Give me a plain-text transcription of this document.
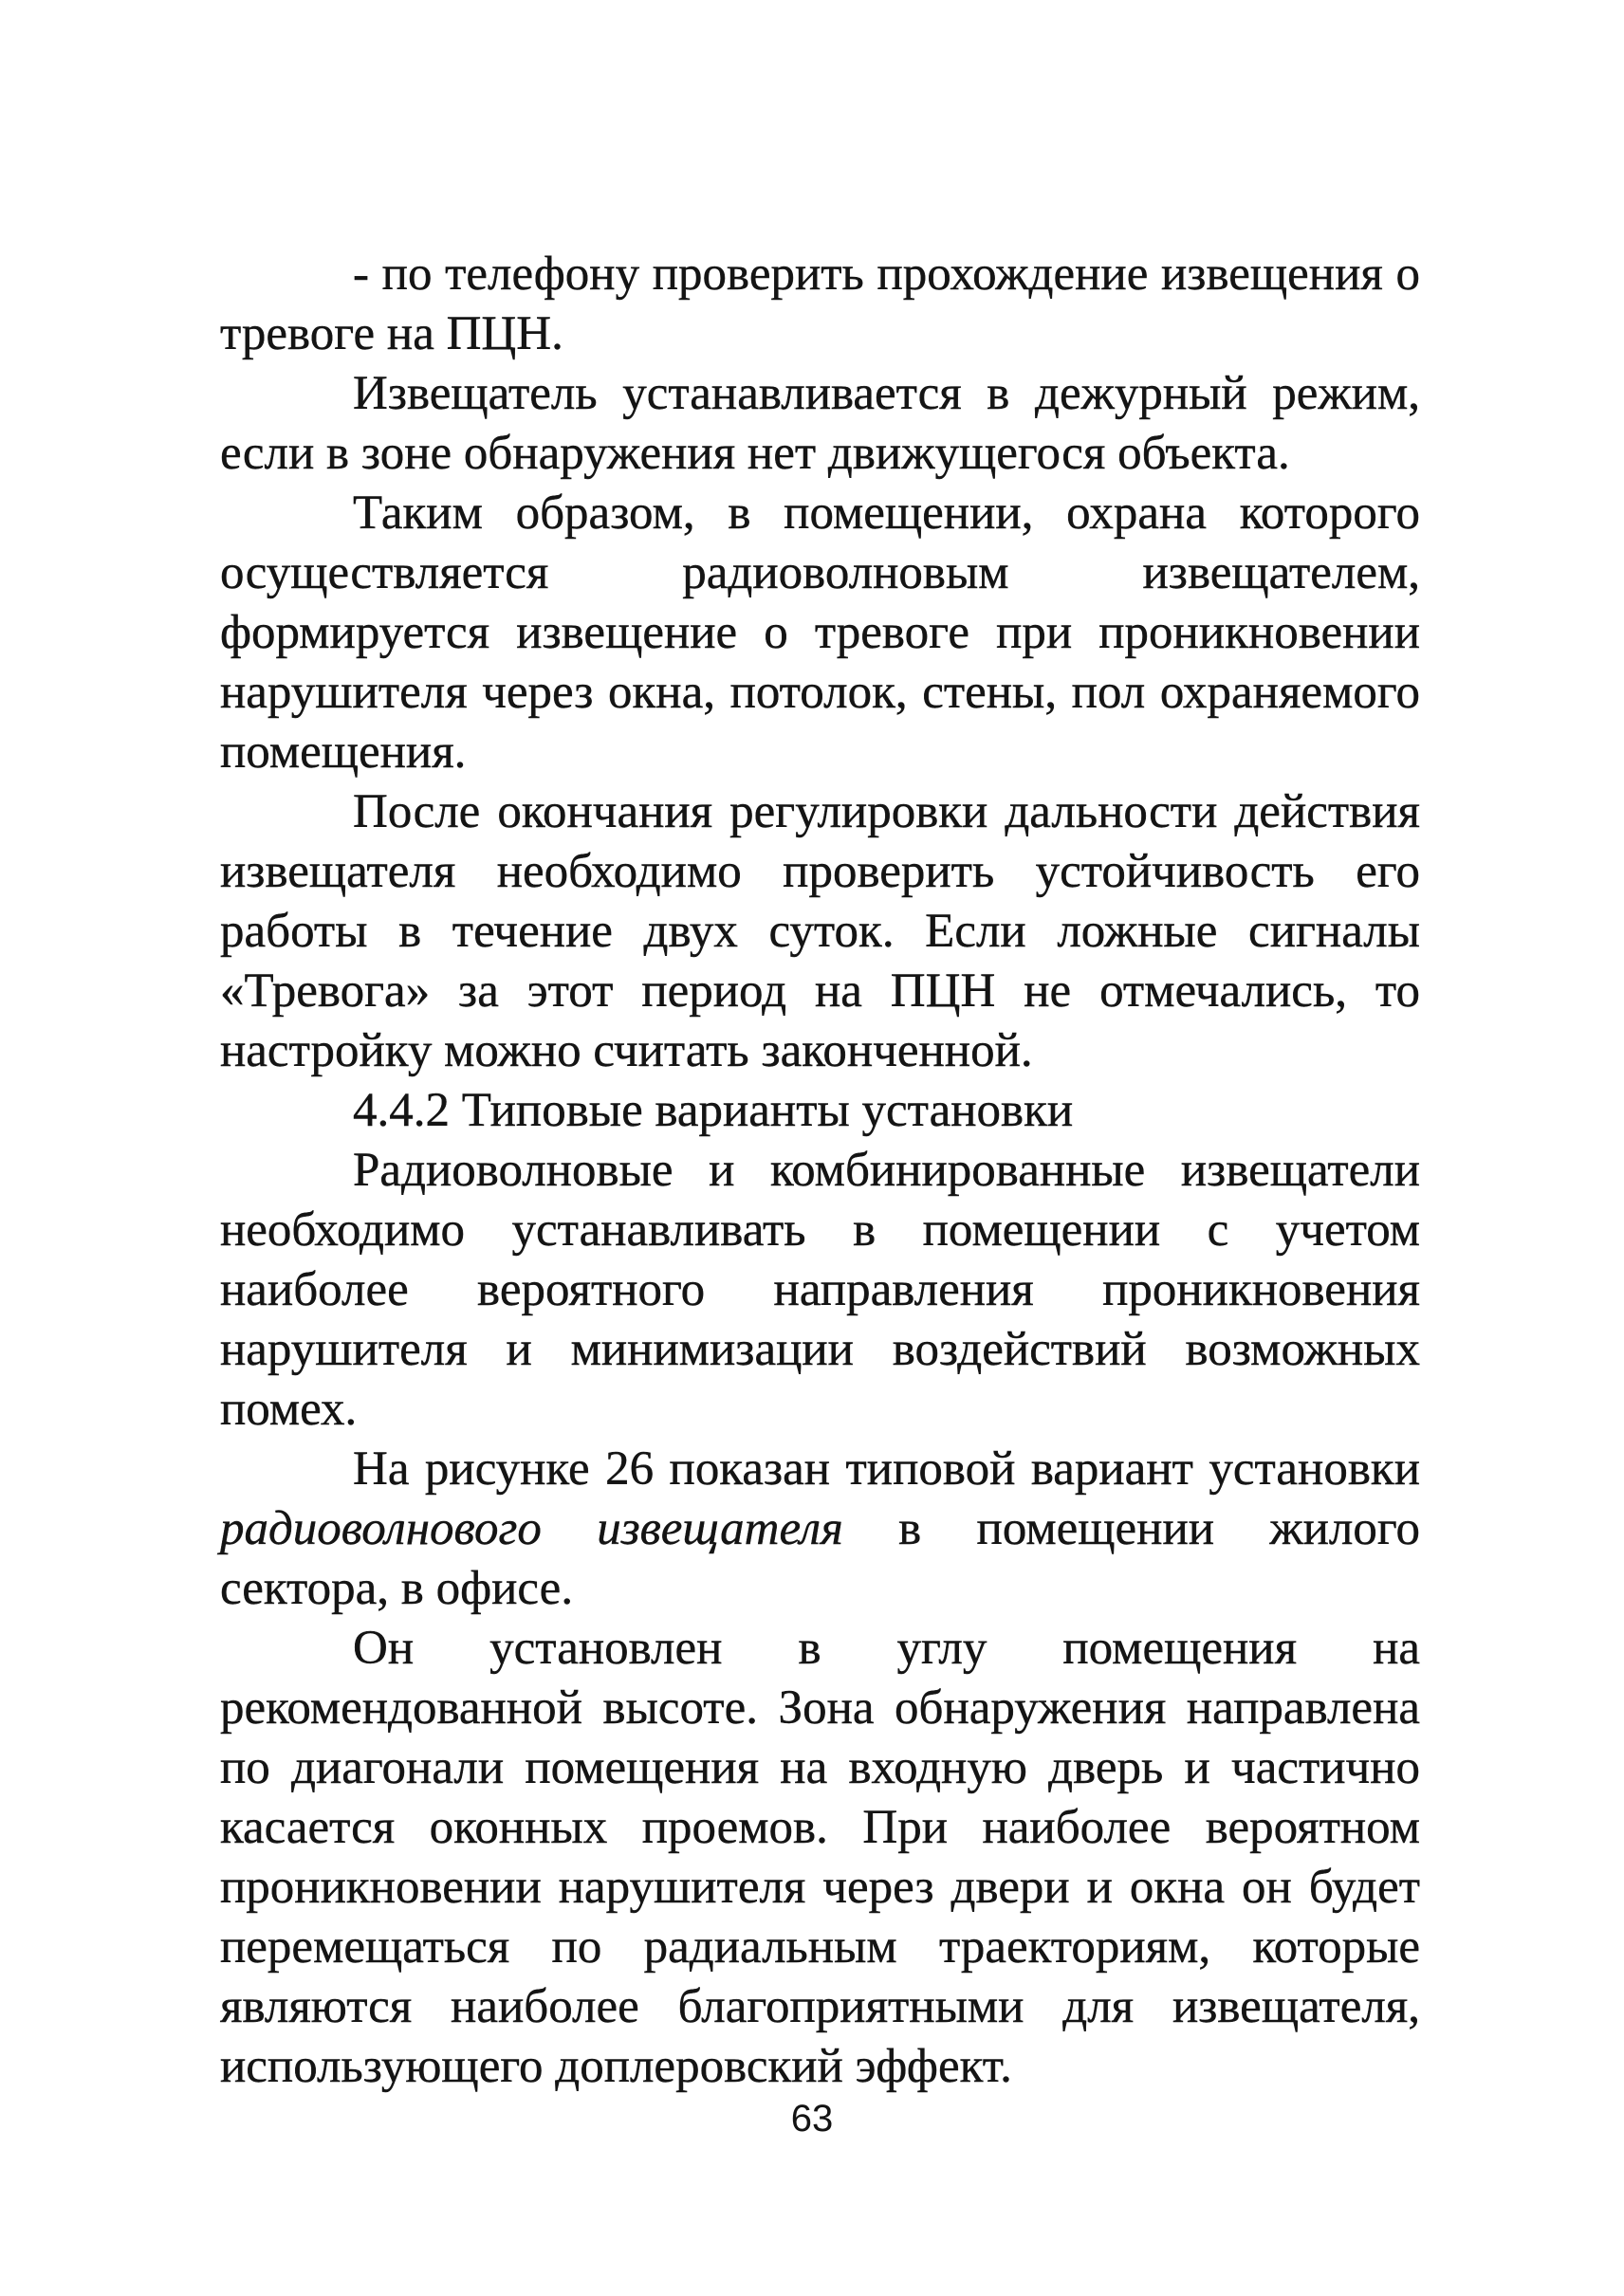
- по телефону проверить прохождение извещения о тревоге на ПЦН.

Извещатель устанавливается в дежурный режим, если в зоне обнаружения нет движущегося объекта.

Таким образом, в помещении, охрана которого осуществляется радиоволновым извещателем, формируется извещение о тревоге при проникновении нарушителя через окна, потолок, стены, пол охраняемого помещения.

После окончания регулировки дальности действия извещателя необходимо проверить устойчивость его работы в течение двух суток. Если ложные сигналы «Тревога» за этот период на ПЦН не отмечались, то настройку можно считать законченной.

4.4.2 Типовые варианты установки

Радиоволновые и комбинированные извещатели необходимо устанавливать в помещении с учетом наиболее вероятного направления проникновения нарушителя и минимизации воздействий возможных помех.

На рисунке 26 показан типовой вариант установки радиоволнового извещателя в помещении жилого сектора, в офисе.

Он установлен в углу помещения на рекомендованной высоте. Зона обнаружения направлена по диагонали помещения на входную дверь и частично касается оконных проемов. При наиболее вероятном проникновении нарушителя через двери и окна он будет перемещаться по радиальным траекториям, которые являются наиболее благоприятными для извещателя, использующего доплеровский эффект.

63
